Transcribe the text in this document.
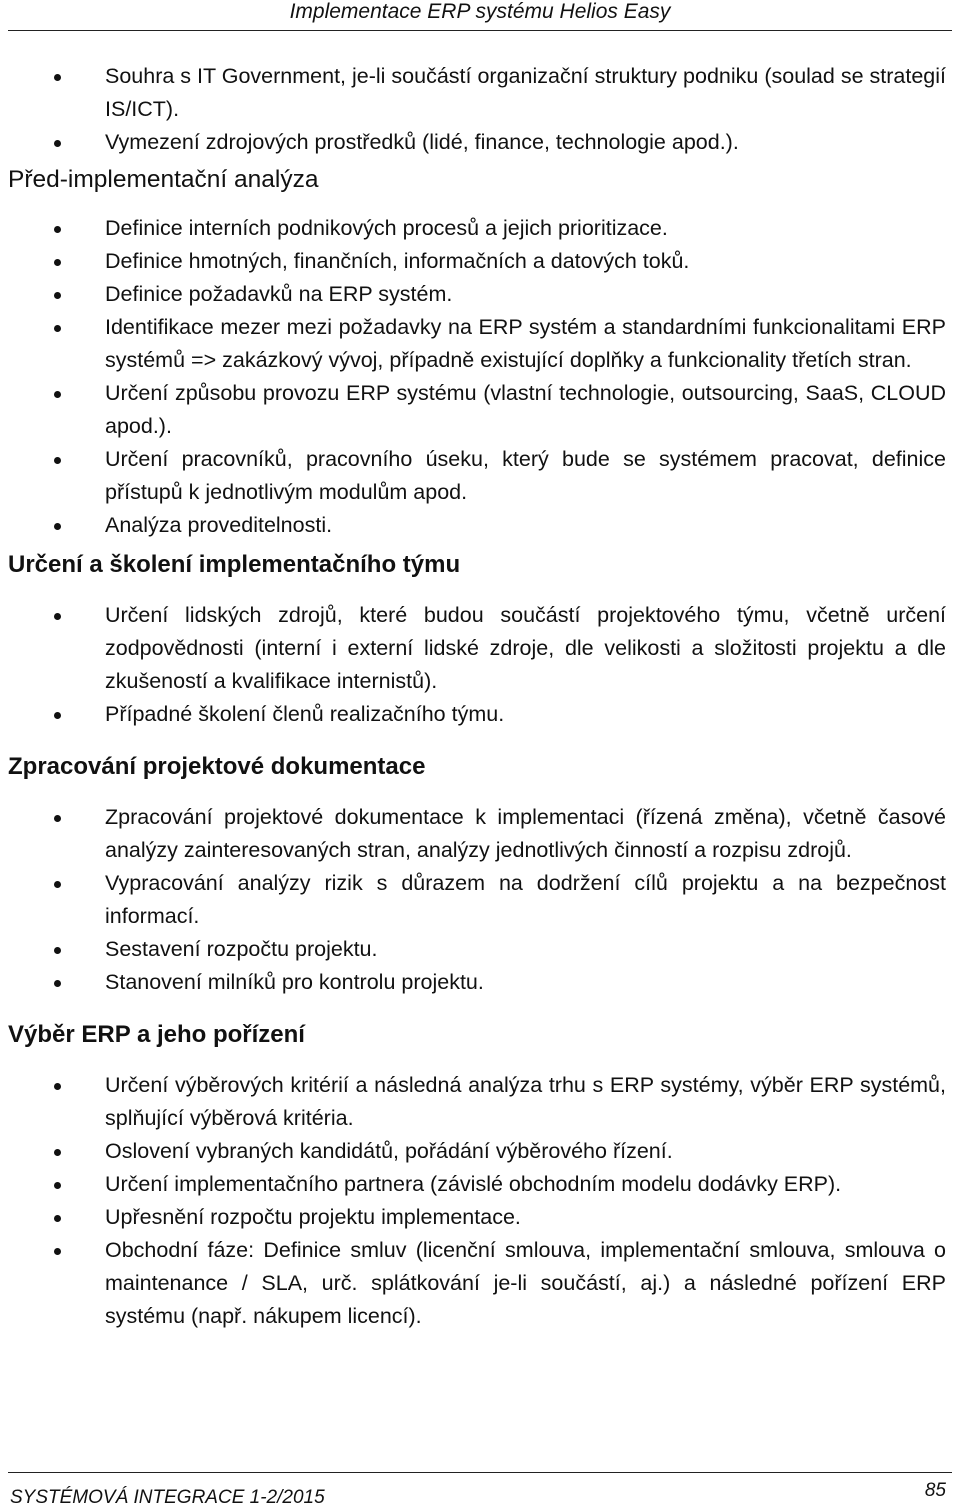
Implementace ERP systému Helios Easy
Souhra s IT Government, je-li součástí organizační struktury podniku (soulad se strategií IS/ICT).
Vymezení zdrojových prostředků (lidé, finance, technologie apod.).
Před-implementační analýza
Definice interních podnikových procesů a jejich prioritizace.
Definice hmotných, finančních, informačních a datových toků.
Definice požadavků na ERP systém.
Identifikace mezer mezi požadavky na ERP systém a standardními funkcionalitami ERP systémů => zakázkový vývoj, případně existující doplňky a funkcionality třetích stran.
Určení způsobu provozu ERP systému (vlastní technologie, outsourcing, SaaS, CLOUD apod.).
Určení pracovníků, pracovního úseku, který bude se systémem pracovat, definice přístupů k jednotlivým modulům apod.
Analýza proveditelnosti.
Určení a školení implementačního týmu
Určení lidských zdrojů, které budou součástí projektového týmu, včetně určení zodpovědnosti (interní i externí lidské zdroje, dle velikosti a složitosti projektu a dle zkušeností a kvalifikace internistů).
Případné školení členů realizačního týmu.
Zpracování projektové dokumentace
Zpracování projektové dokumentace k implementaci (řízená změna), včetně časové analýzy zainteresovaných stran, analýzy jednotlivých činností a rozpisu zdrojů.
Vypracování analýzy rizik s důrazem na dodržení cílů projektu a na bezpečnost informací.
Sestavení rozpočtu projektu.
Stanovení milníků pro kontrolu projektu.
Výběr ERP a jeho pořízení
Určení výběrových kritérií a následná analýza trhu s ERP systémy, výběr ERP systémů, splňující výběrová kritéria.
Oslovení vybraných kandidátů, pořádání výběrového řízení.
Určení implementačního partnera (závislé obchodním modelu dodávky ERP).
Upřesnění rozpočtu projektu implementace.
Obchodní fáze: Definice smluv (licenční smlouva, implementační smlouva, smlouva o maintenance / SLA, urč. splátkování je-li součástí, aj.) a následné pořízení ERP systému (např. nákupem licencí).
SYSTÉMOVÁ INTEGRACE 1-2/2015	85
